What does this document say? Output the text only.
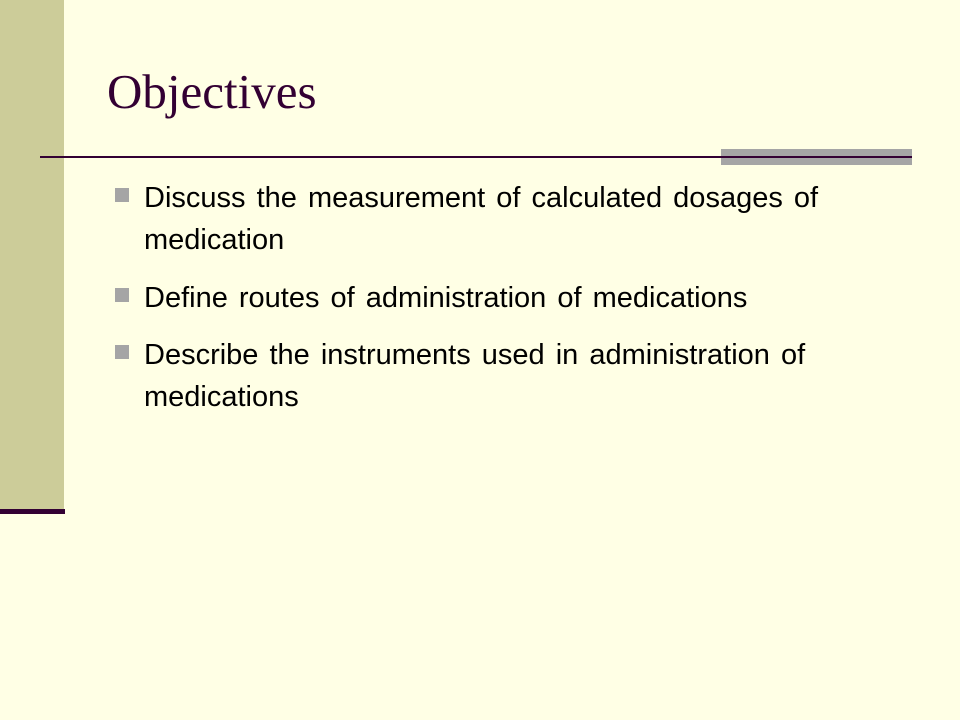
Objectives
Discuss the measurement of calculated dosages of medication
Define routes of administration of medications
Describe the instruments used in administration of medications
